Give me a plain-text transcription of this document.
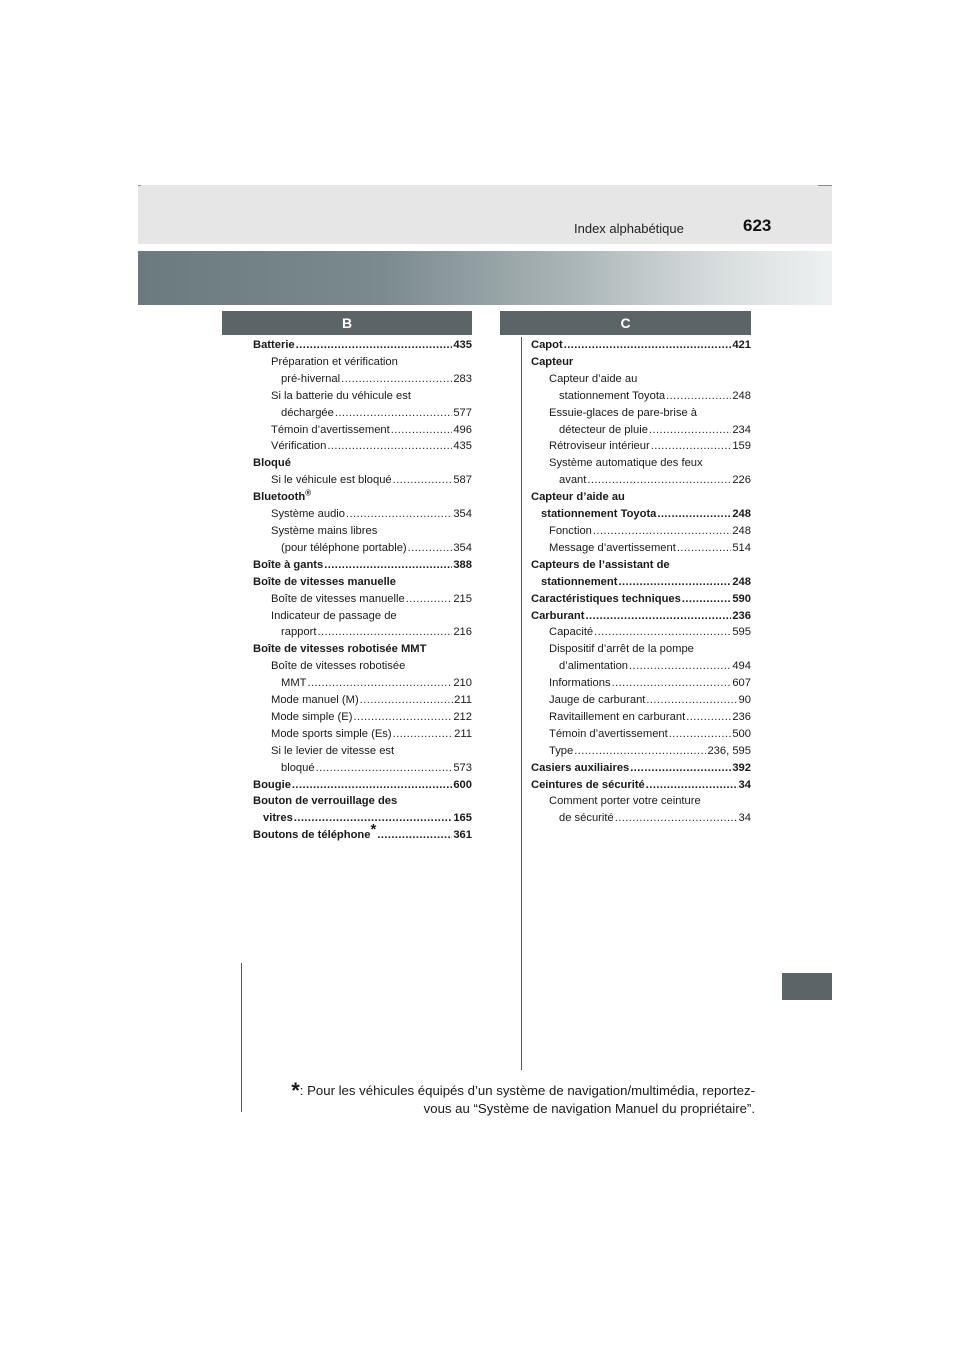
Index alphabétique	623
B	C
Batterie .....	435
Préparation et vérification
pré-hivernal .....	283
Si la batterie du véhicule est
déchargée .....	577
Témoin d’avertissement .....	496
Vérification .....	435
Bloqué
Si le véhicule est bloqué .....	587
Bluetooth®
Système audio .....	354
Système mains libres
(pour téléphone portable) .....	354
Boîte à gants .....	388
Boîte de vitesses manuelle
Boîte de vitesses manuelle .....	215
Indicateur de passage de
rapport .....	216
Boîte de vitesses robotisée MMT
Boîte de vitesses robotisée
MMT .....	210
Mode manuel (M) .....	211
Mode simple (E) .....	212
Mode sports simple (Es) .....	211
Si le levier de vitesse est
bloqué .....	573
Bougie .....	600
Bouton de verrouillage des
vitres .....	165
Boutons de téléphone* .....	361
Capot .....	421
Capteur
Capteur d’aide au
stationnement Toyota .....	248
Essuie-glaces de pare-brise à
détecteur de pluie .....	234
Rétroviseur intérieur .....	159
Système automatique des feux
avant .....	226
Capteur d’aide au
stationnement Toyota .....	248
Fonction .....	248
Message d’avertissement .....	514
Capteurs de l’assistant de
stationnement .....	248
Caractéristiques techniques .....	590
Carburant .....	236
Capacité .....	595
Dispositif d’arrêt de la pompe
d’alimentation .....	494
Informations .....	607
Jauge de carburant .....	90
Ravitaillement en carburant .....	236
Témoin d’avertissement .....	500
Type .....	236, 595
Casiers auxiliaires .....	392
Ceintures de sécurité .....	34
Comment porter votre ceinture
de sécurité .....	34
*: Pour les véhicules équipés d’un système de navigation/multimédia, reportez-
vous au “Système de navigation Manuel du propriétaire”.
